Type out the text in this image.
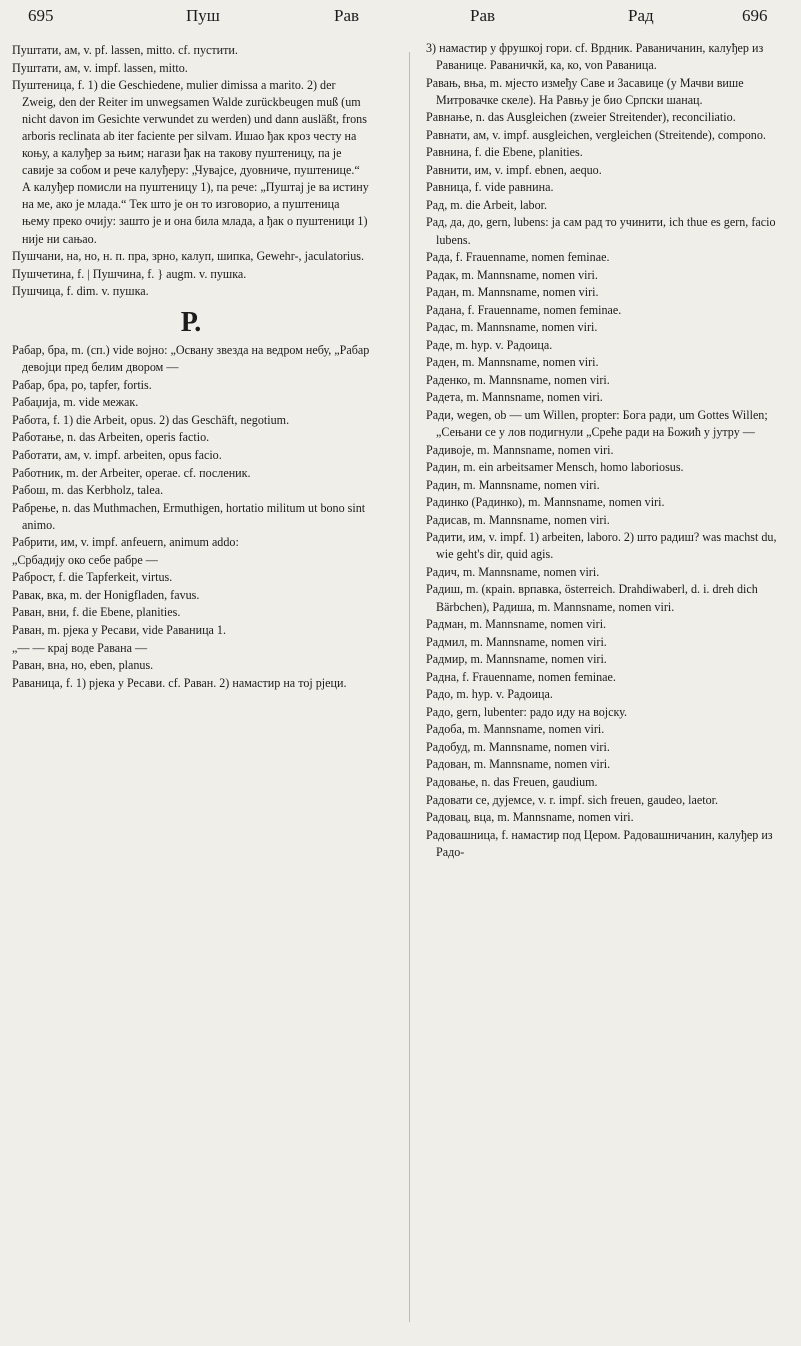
695	Пуш	Рав	Рав	Рад	696

Пуштати, ам, v. pf. lassen, mitto. cf. пустити.

Пуштати, ам, v. impf. lassen, mitto.

Пуштеница, f. 1) die Geschiedene, mulier dimissa a marito. 2) der Zweig, den der Reiter im unwegsamen Walde zurückbeugen muß (um nicht davon im Gesichte verwundet zu werden) und dann ausläßt, frons arboris reclinata ab iter faciente per silvam. Ишао ђак кроз честу на коњу, а калуђер за њим; нагази ђак на такову пуштеницу, па је савије за собом и рече калуђеру: „Чувајсе, дуовниче, пуштенице.“ А калуђер помисли на пуштеницу 1), па рече: „Пуштај је ва истину на ме, ако је млада.“ Тек што је он то изговорио, а пуштеница њему преко очију: зашто је и она била млада, а ђак о пуштеници 1) није ни сањао.

Пушчани, на, но, н. п. пра, зрно, калуп, шипка, Gewehr-, jaculatorius.

Пушчетина, f. | Пушчина, f. } augm. v. пушка.

Пушчица, f. dim. v. пушка.

Р.

Рабар, бра, m. (сп.) vide војно: „Освану звезда на ведром небу, „Рабар девојци пред белим двором —

Рабар, бра, ро, tapfer, fortis.

Рабаџија, m. vide межак.

Работа, f. 1) die Arbeit, opus. 2) das Geschäft, negotium.

Работање, n. das Arbeiten, operis factio.

Работати, ам, v. impf. arbeiten, opus facio.

Работник, m. der Arbeiter, operae. cf. посленик.

Рабош, m. das Kerbholz, talea.

Рабрење, n. das Muthmachen, Ermuthigen, hortatio militum ut bono sint animo.

Рабрити, им, v. impf. anfeuern, animum addo:

„Србадију око себе рабре —

Раброст, f. die Tapferkeit, virtus.

Равак, вка, m. der Honigfladen, favus.

Раван, вни, f. die Ebene, planities.

Раван, m. рјека у Ресави, vide Раваница 1.

„— — крај воде Равана —

Раван, вна, но, eben, planus.

Раваница, f. 1) рјека у Ресави. cf. Раван. 2) намастир на тој рјеци.

3) намастир у фрушкој гори. cf. Врдник. Раваничанин, калуђер из Раванице. Раваничкй, ка, ко, von Раваница.

Равањ, вња, m. мјесто између Саве и Засавице (у Мачви више Митровачке скеле). На Равњу је био Српски шанац.

Равнање, n. das Ausgleichen (zweier Streitender), reconciliatio.

Равнати, ам, v. impf. ausgleichen, vergleichen (Streitende), compono.

Равнина, f. die Ebene, planities.

Равнити, им, v. impf. ebnen, aequo.

Равница, f. vide равнина.

Рад, m. die Arbeit, labor.

Рад, да, до, gern, lubens: ја сам рад то учинити, ich thue es gern, facio lubens.

Рада, f. Frauenname, nomen feminae.

Радак, m. Mannsname, nomen viri.

Радан, m. Mannsname, nomen viri.

Радана, f. Frauenname, nomen feminae.

Радас, m. Mannsname, nomen viri.

Раде, m. hyp. v. Радоица.

Раден, m. Mannsname, nomen viri.

Раденко, m. Mannsname, nomen viri.

Радета, m. Mannsname, nomen viri.

Ради, wegen, ob — um Willen, propter: Бога ради, um Gottes Willen; „Сењани се у лов подигнули „Среће ради на Божић у јутру —

Радивоје, m. Mannsname, nomen viri.

Радин, m. ein arbeitsamer Mensch, homo laboriosus.

Радин, m. Mannsname, nomen viri.

Радинко (Радинко), m. Mannsname, nomen viri.

Радисав, m. Mannsname, nomen viri.

Радити, им, v. impf. 1) arbeiten, laboro. 2) што радиш? was machst du, wie geht's dir, quid agis.

Радич, m. Mannsname, nomen viri.

Радиш, m. (крain. врпавка, österreich. Drahdiwaberl, d. i. dreh dich Bärbchen), Радиша, m. Mannsname, nomen viri.

Радман, m. Mannsname, nomen viri.

Радмил, m. Mannsname, nomen viri.

Радмир, m. Mannsname, nomen viri.

Радна, f. Frauenname, nomen feminae.

Радо, m. hyp. v. Радоица.

Радо, gern, lubenter: радо иду на војску.

Радоба, m. Mannsname, nomen viri.

Радобуд, m. Mannsname, nomen viri.

Радован, m. Mannsname, nomen viri.

Радовање, n. das Freuen, gaudium.

Радовати се, дујемсе, v. r. impf. sich freuen, gaudeo, laetor.

Радовац, вца, m. Mannsname, nomen viri.

Радовашница, f. намастир под Цером. Радовашничанин, калуђер из Радо-
